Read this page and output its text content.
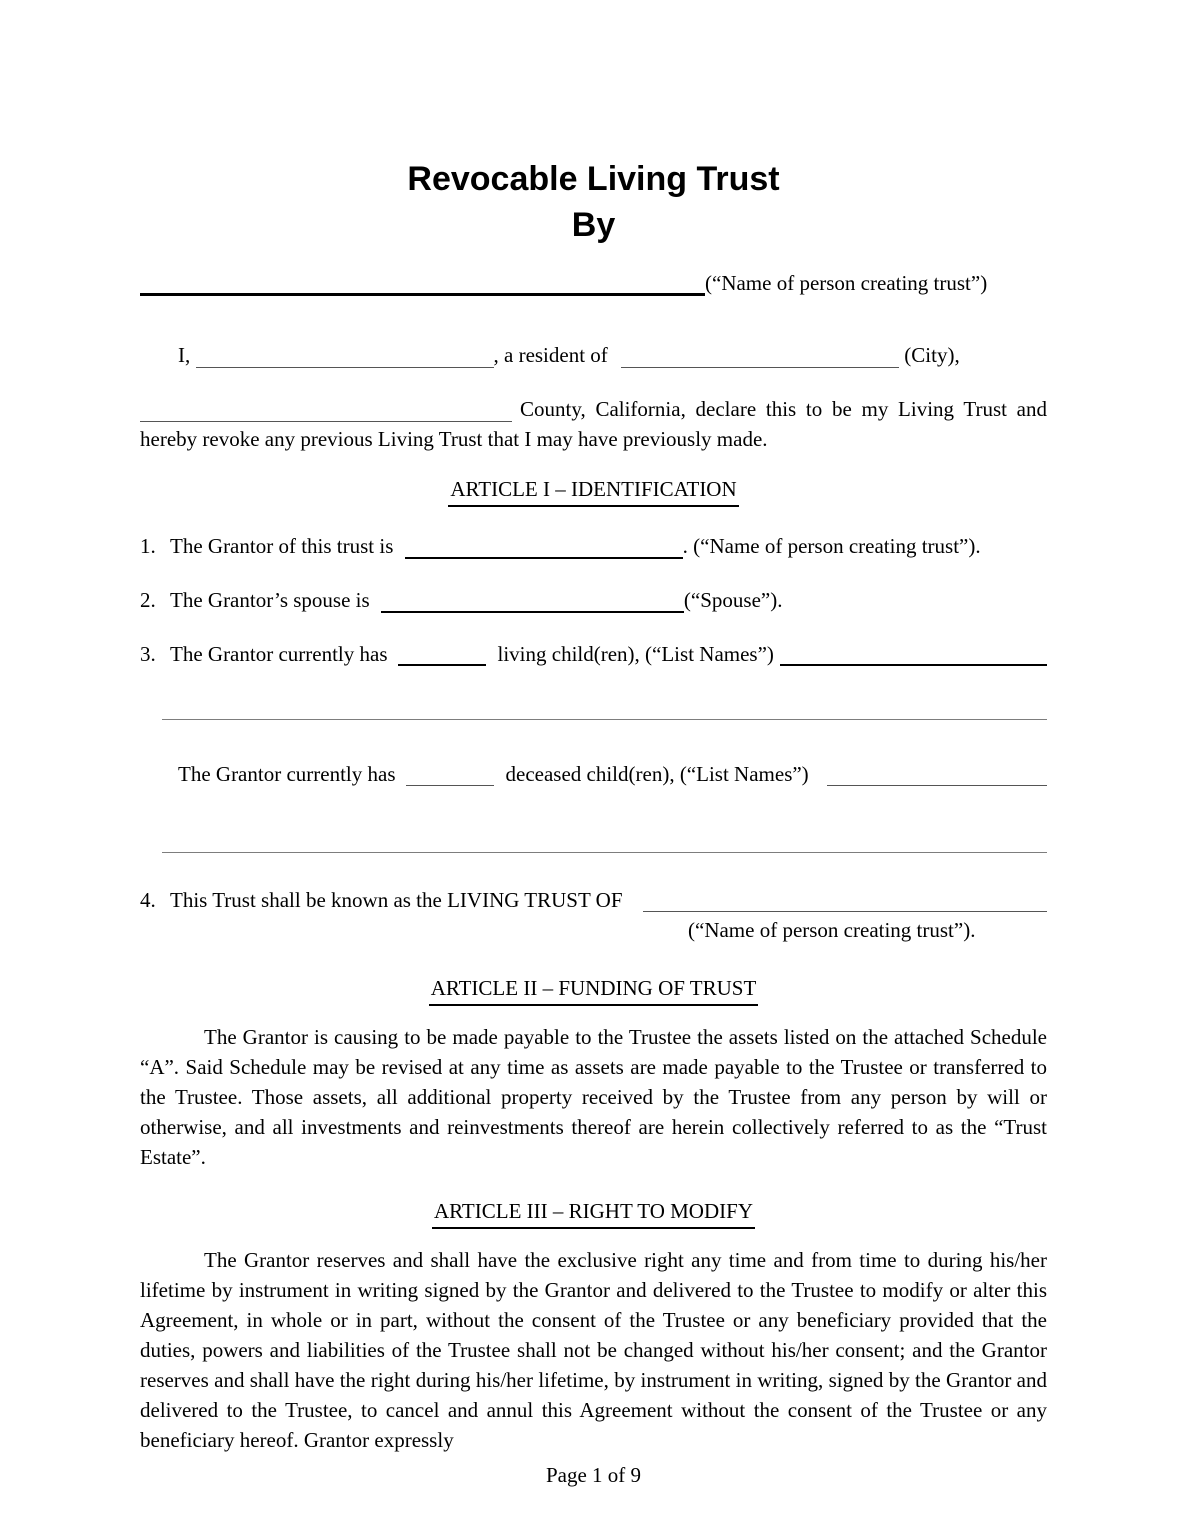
Revocable Living Trust
By
(“Name of person creating trust”)
I,	, a resident of	(City),
County, California, declare this to be my Living Trust and hereby revoke any previous Living Trust that I may have previously made.
ARTICLE I – IDENTIFICATION
1. The Grantor of this trust is	. (“Name of person creating trust”).
2. The Grantor’s spouse is	(“Spouse”).
3. The Grantor currently has	living child(ren), (“List Names”)
The Grantor currently has	deceased child(ren), (“List Names”)
4. This Trust shall be known as the LIVING TRUST OF
(“Name of person creating trust”).
ARTICLE II – FUNDING OF TRUST
The Grantor is causing to be made payable to the Trustee the assets listed on the attached Schedule “A”. Said Schedule may be revised at any time as assets are made payable to the Trustee or transferred to the Trustee. Those assets, all additional property received by the Trustee from any person by will or otherwise, and all investments and reinvestments thereof are herein collectively referred to as the “Trust Estate”.
ARTICLE III – RIGHT TO MODIFY
The Grantor reserves and shall have the exclusive right any time and from time to during his/her lifetime by instrument in writing signed by the Grantor and delivered to the Trustee to modify or alter this Agreement, in whole or in part, without the consent of the Trustee or any beneficiary provided that the duties, powers and liabilities of the Trustee shall not be changed without his/her consent; and the Grantor reserves and shall have the right during his/her lifetime, by instrument in writing, signed by the Grantor and delivered to the Trustee, to cancel and annul this Agreement without the consent of the Trustee or any beneficiary hereof. Grantor expressly
Page 1 of 9
